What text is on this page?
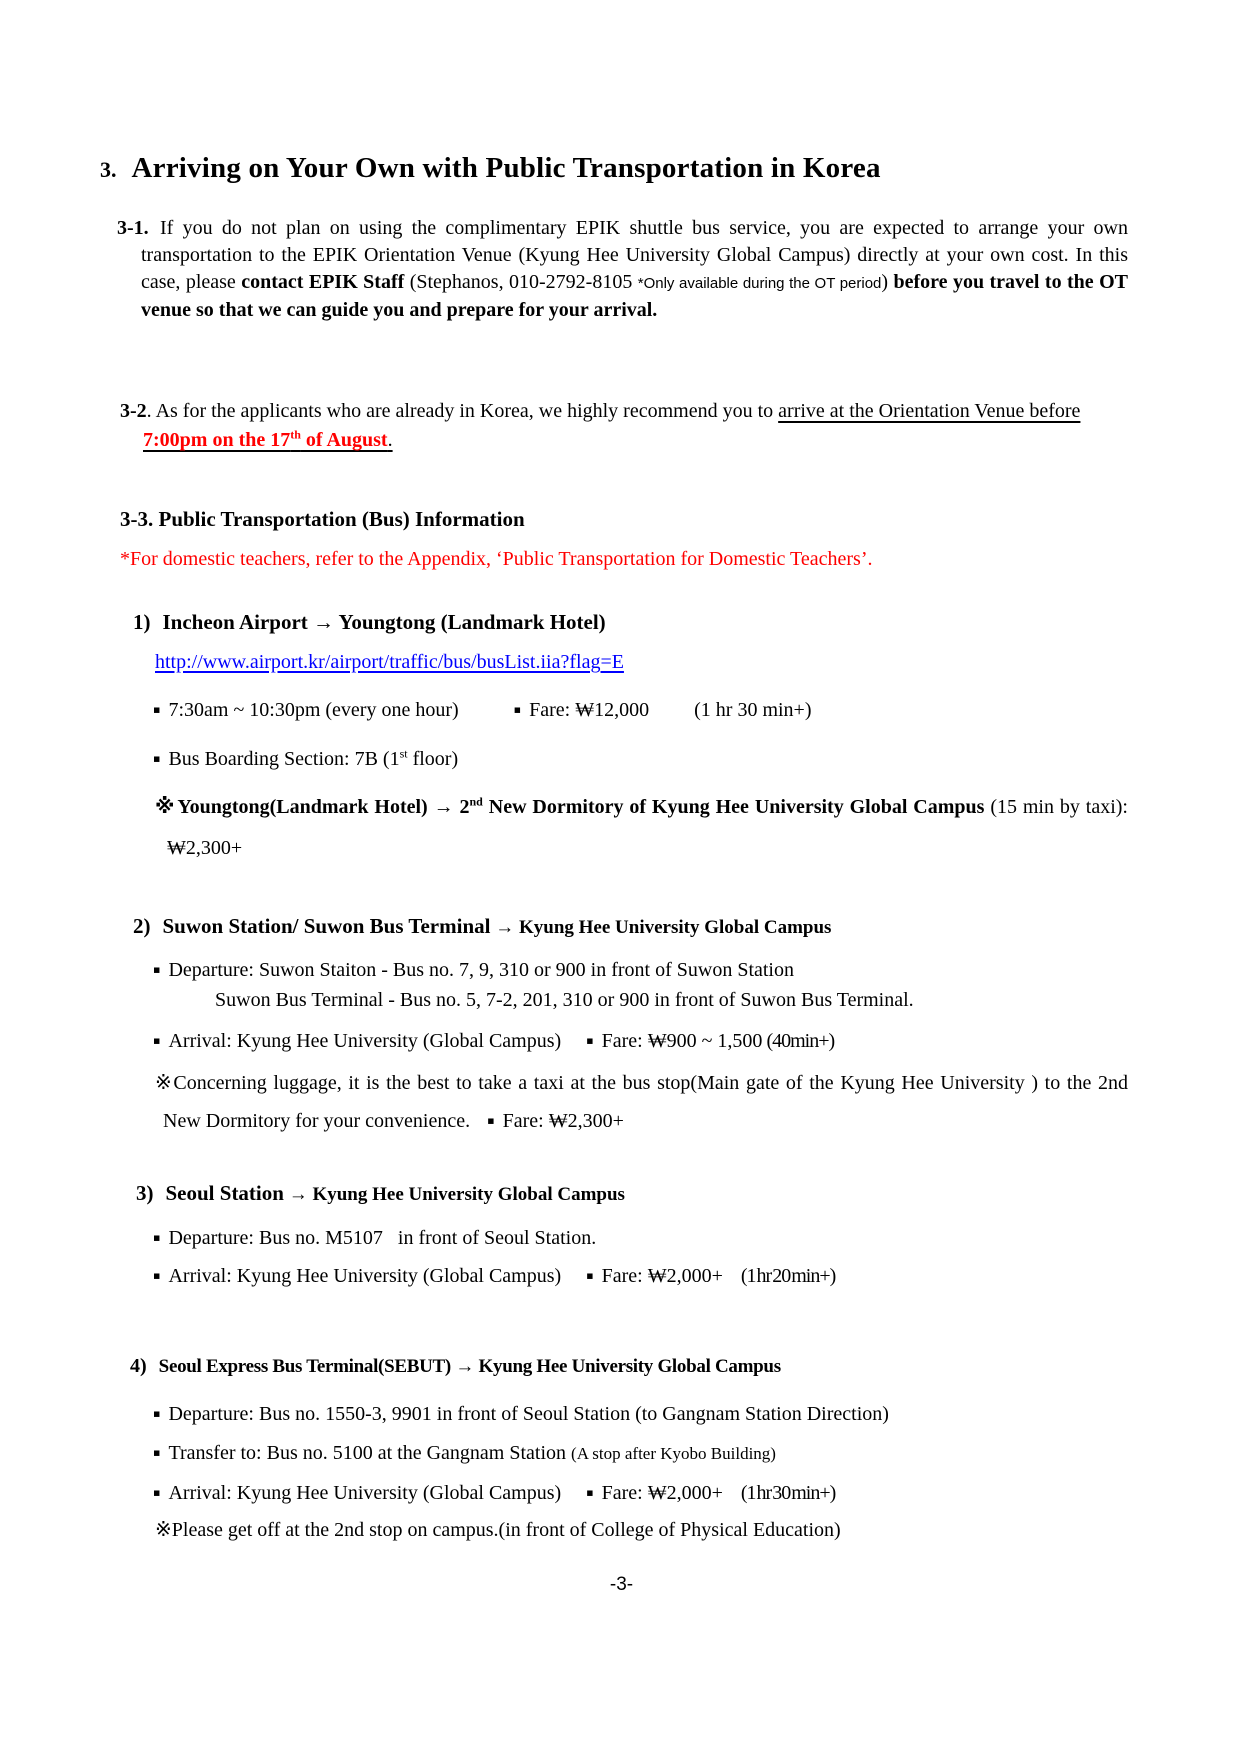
3. Arriving on Your Own with Public Transportation in Korea

3-1. If you do not plan on using the complimentary EPIK shuttle bus service, you are expected to arrange your own transportation to the EPIK Orientation Venue (Kyung Hee University Global Campus) directly at your own cost. In this case, please contact EPIK Staff (Stephanos, 010-2792-8105 *Only available during the OT period) before you travel to the OT venue so that we can guide you and prepare for your arrival.

3-2. As for the applicants who are already in Korea, we highly recommend you to arrive at the Orientation Venue before 7:00pm on the 17th of August.

3-3. Public Transportation (Bus) Information

*For domestic teachers, refer to the Appendix, ‘Public Transportation for Domestic Teachers’.

1) Incheon Airport → Youngtong (Landmark Hotel)
http://www.airport.kr/airport/traffic/bus/busList.iia?flag=E
▪ 7:30am ~ 10:30pm (every one hour)	▪ Fare: ₩12,000 (1 hr 30 min+)
▪ Bus Boarding Section: 7B (1st floor)
※ Youngtong(Landmark Hotel) → 2nd New Dormitory of Kyung Hee University Global Campus (15 min by taxi): ₩2,300+
2) Suwon Station/ Suwon Bus Terminal → Kyung Hee University Global Campus
▪ Departure: Suwon Staiton - Bus no. 7, 9, 310 or 900 in front of Suwon Station
Suwon Bus Terminal - Bus no. 5, 7-2, 201, 310 or 900 in front of Suwon Bus Terminal.
▪ Arrival: Kyung Hee University (Global Campus) ▪ Fare: ₩900 ~ 1,500 (40min+)
※Concerning luggage, it is the best to take a taxi at the bus stop(Main gate of the Kyung Hee University ) to the 2nd New Dormitory for your convenience. ▪ Fare: ₩2,300+
3) Seoul Station → Kyung Hee University Global Campus
▪ Departure: Bus no. M5107   in front of Seoul Station.
▪ Arrival: Kyung Hee University (Global Campus) ▪ Fare: ₩2,000+ (1 hr 20 min+)
4) Seoul Express Bus Terminal(SEBUT) → Kyung Hee University Global Campus
▪ Departure: Bus no. 1550-3, 9901 in front of Seoul Station (to Gangnam Station Direction)
▪ Transfer to: Bus no. 5100 at the Gangnam Station (A stop after Kyobo Building)
▪ Arrival: Kyung Hee University (Global Campus) ▪ Fare: ₩2,000+ (1 hr 30 min+)
※Please get off at the 2nd stop on campus.(in front of College of Physical Education)
-3-
